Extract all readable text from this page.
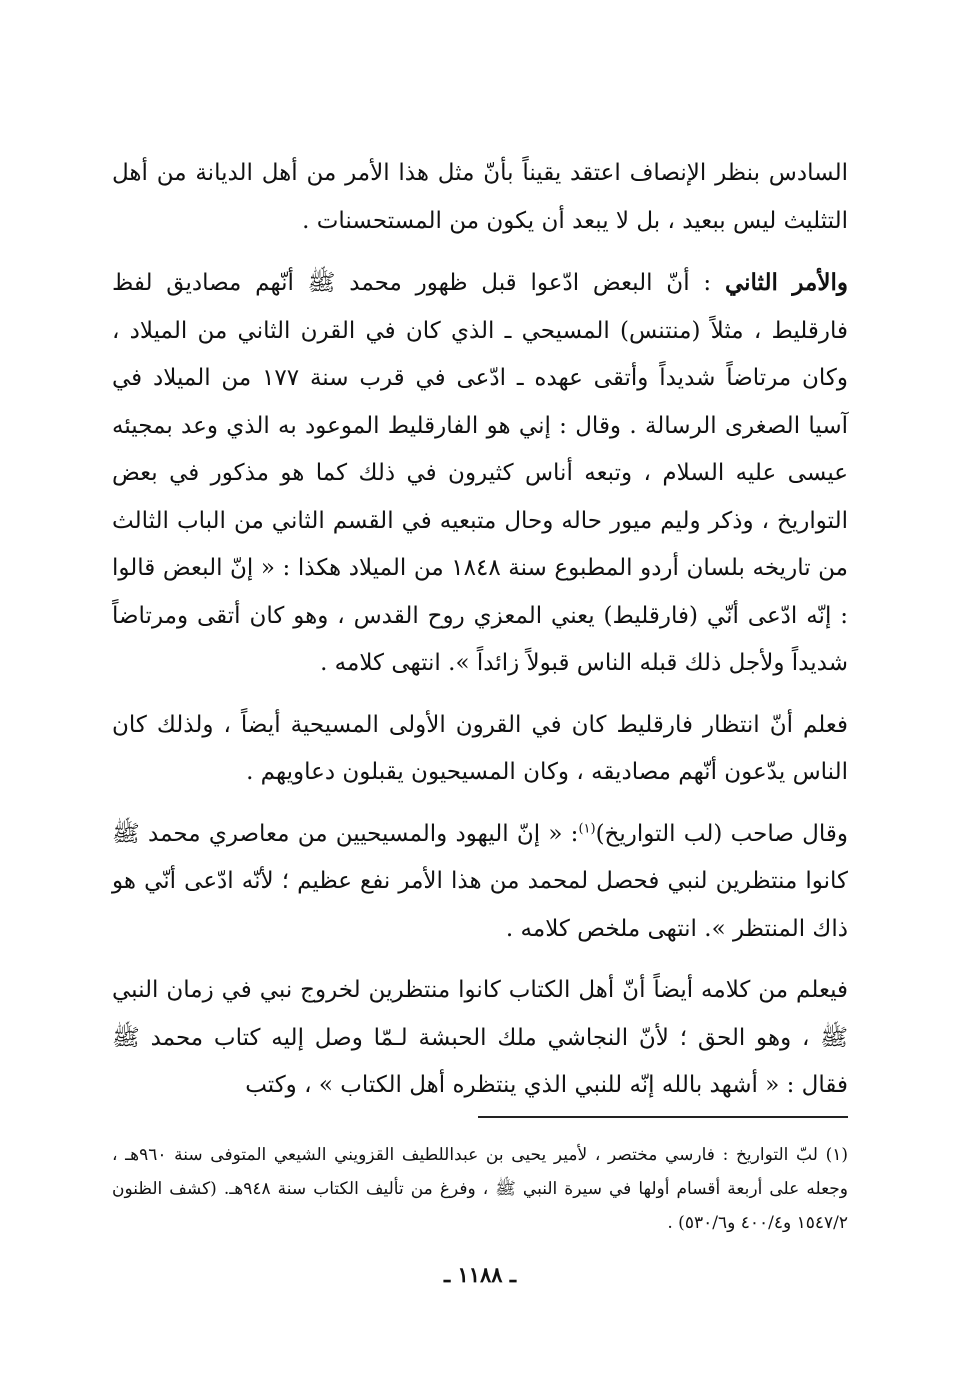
السادس بنظر الإنصاف اعتقد يقيناً بأنّ مثل هذا الأمر من أهل الديانة من أهل التثليث ليس ببعيد ، بل لا يبعد أن يكون من المستحسنات .

والأمر الثاني : أنّ البعض ادّعوا قبل ظهور محمد ﷺ أنّهم مصاديق لفظ فارقليط ، مثلاً (منتنس) المسيحي ـ الذي كان في القرن الثاني من الميلاد ، وكان مرتاضاً شديداً وأتقى عهده ـ ادّعى في قرب سنة ١٧٧ من الميلاد في آسيا الصغرى الرسالة . وقال : إني هو الفارقليط الموعود به الذي وعد بمجيئه عيسى عليه السلام ، وتبعه أناس كثيرون في ذلك كما هو مذكور في بعض التواريخ ، وذكر وليم ميور حاله وحال متبعيه في القسم الثاني من الباب الثالث من تاريخه بلسان أردو المطبوع سنة ١٨٤٨ من الميلاد هكذا : « إنّ البعض قالوا : إنّه ادّعى أنّي (فارقليط) يعني المعزي روح القدس ، وهو كان أتقى ومرتاضاً شديداً ولأجل ذلك قبله الناس قبولاً زائداً ». انتهى كلامه .

فعلم أنّ انتظار فارقليط كان في القرون الأولى المسيحية أيضاً ، ولذلك كان الناس يدّعون أنّهم مصاديقه ، وكان المسيحيون يقبلون دعاويهم .

وقال صاحب (لب التواريخ)$^{(١)}$: « إنّ اليهود والمسيحيين من معاصري محمد ﷺ كانوا منتظرين لنبي فحصل لمحمد من هذا الأمر نفع عظيم ؛ لأنّه ادّعى أنّي هو ذاك المنتظر ». انتهى ملخص كلامه .

فيعلم من كلامه أيضاً أنّ أهل الكتاب كانوا منتظرين لخروج نبي في زمان النبي ﷺ ، وهو الحق ؛ لأنّ النجاشي ملك الحبشة لـمّا وصل إليه كتاب محمد ﷺ فقال : « أشهد بالله إنّه للنبي الذي ينتظره أهل الكتاب » ، وكتب

(١) لبّ التواريخ : فارسي مختصر ، لأمير يحيى بن عبداللطيف القزويني الشيعي المتوفى سنة ٩٦٠هـ ، وجعله على أربعة أقسام أولها في سيرة النبي ﷺ ، وفرغ من تأليف الكتاب سنة ٩٤٨هـ. (كشف الظنون ١٥٤٧/٢ و٤٠٠/٤ و٥٣٠/٦) .

ـ ١١٨٨ ـ
